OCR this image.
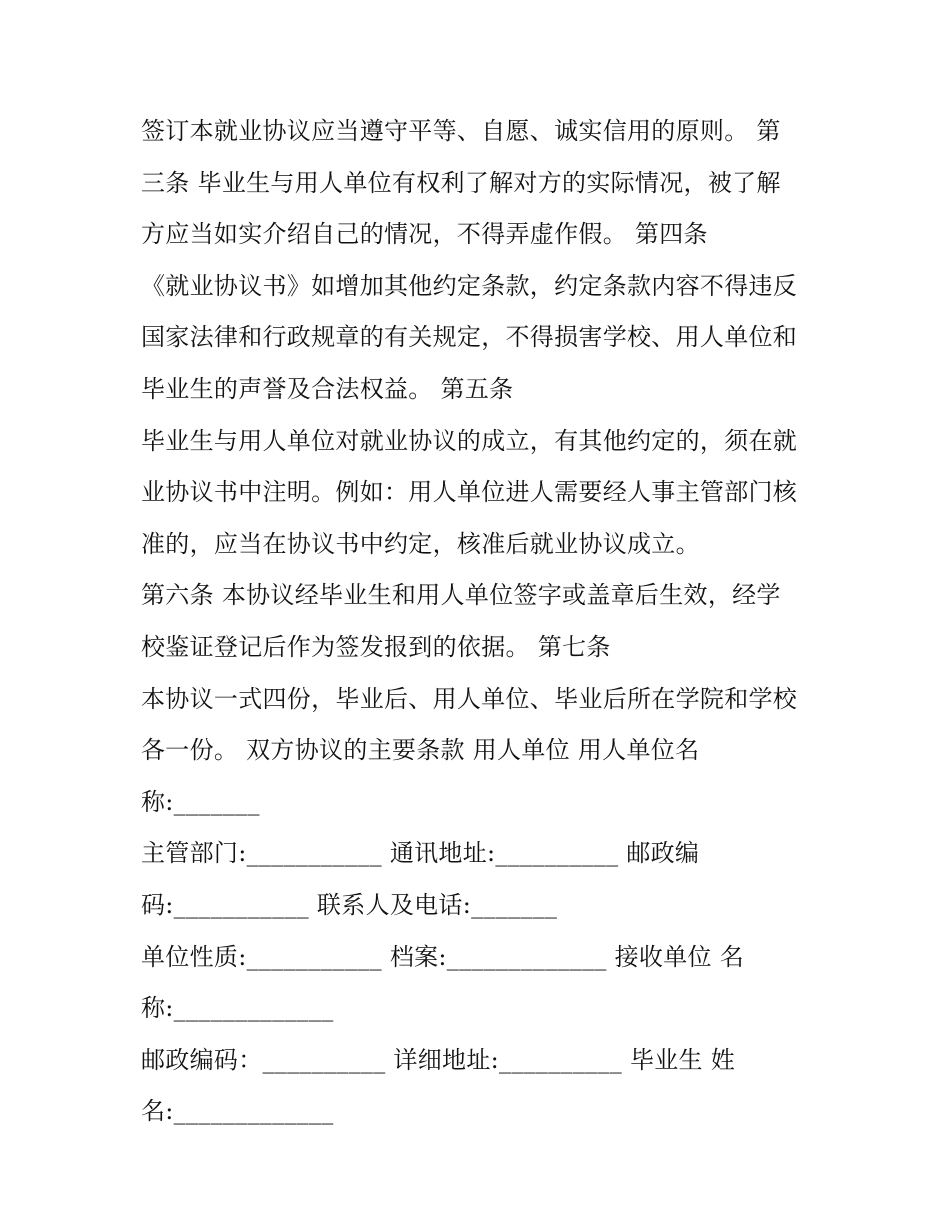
签订本就业协议应当遵守平等、自愿、诚实信用的原则。 第
三条 毕业生与用人单位有权利了解对方的实际情况，被了解
方应当如实介绍自己的情况，不得弄虚作假。 第四条
《就业协议书》如增加其他约定条款，约定条款内容不得违反
国家法律和行政规章的有关规定，不得损害学校、用人单位和
毕业生的声誉及合法权益。 第五条
毕业生与用人单位对就业协议的成立，有其他约定的，须在就
业协议书中注明。例如：用人单位进人需要经人事主管部门核
准的，应当在协议书中约定，核准后就业协议成立。
第六条 本协议经毕业生和用人单位签字或盖章后生效，经学
校鉴证登记后作为签发报到的依据。 第七条
本协议一式四份，毕业后、用人单位、毕业后所在学院和学校
各一份。 双方协议的主要条款 用人单位 用人单位名
称:_______
主管部门:___________ 通讯地址:__________ 邮政编
码:___________ 联系人及电话:_______
单位性质:___________ 档案:_____________ 接收单位 名
称:_____________
邮政编码：__________ 详细地址:__________ 毕业生 姓
名:_____________
